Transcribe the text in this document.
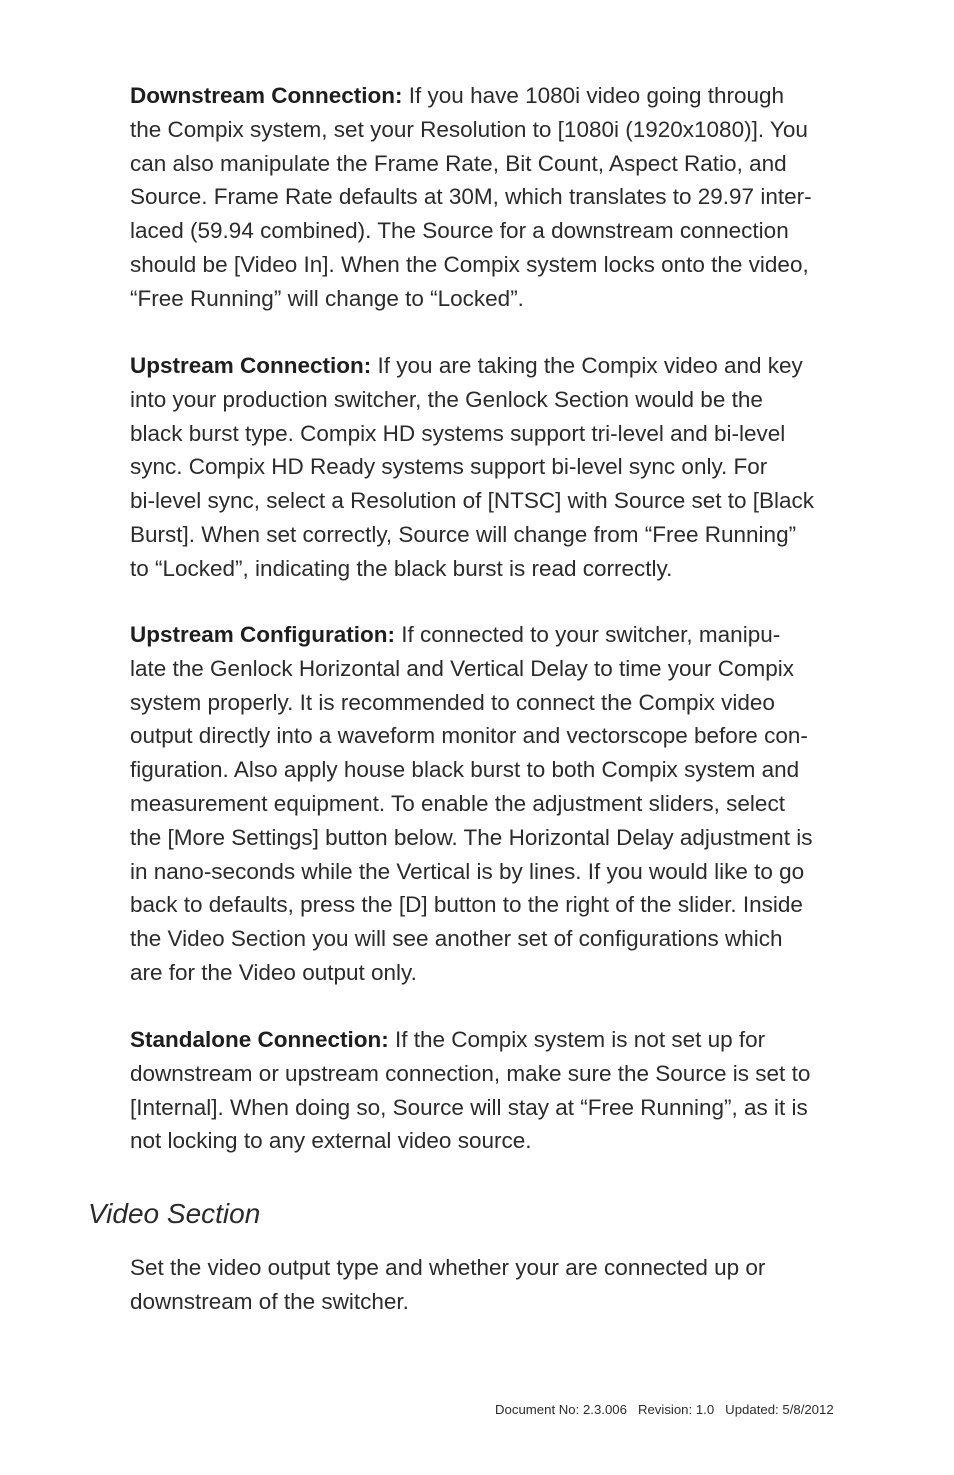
Downstream Connection: If you have 1080i video going through
the Compix system, set your Resolution to [1080i (1920x1080)]. You
can also manipulate the Frame Rate, Bit Count, Aspect Ratio, and
Source. Frame Rate defaults at 30M, which translates to 29.97 inter-
laced (59.94 combined). The Source for a downstream connection
should be [Video In]. When the Compix system locks onto the video,
“Free Running” will change to “Locked”.
Upstream Connection: If you are taking the Compix video and key
into your production switcher, the Genlock Section would be the
black burst type. Compix HD systems support tri-level and bi-level
sync. Compix HD Ready systems support bi-level sync only. For
bi-level sync, select a Resolution of [NTSC] with Source set to [Black
Burst]. When set correctly, Source will change from “Free Running”
to “Locked”, indicating the black burst is read correctly.
Upstream Configuration: If connected to your switcher, manipu-
late the Genlock Horizontal and Vertical Delay to time your Compix
system properly. It is recommended to connect the Compix video
output directly into a waveform monitor and vectorscope before con-
figuration. Also apply house black burst to both Compix system and
measurement equipment. To enable the adjustment sliders, select
the [More Settings] button below. The Horizontal Delay adjustment is
in nano-seconds while the Vertical is by lines. If you would like to go
back to defaults, press the [D] button to the right of the slider. Inside
the Video Section you will see another set of configurations which
are for the Video output only.
Standalone Connection: If the Compix system is not set up for
downstream or upstream connection, make sure the Source is set to
[Internal]. When doing so, Source will stay at “Free Running”, as it is
not locking to any external video source.
Video Section
Set the video output type and whether your are connected up or
downstream of the switcher.
Document No: 2.3.006   Revision: 1.0   Updated: 5/8/2012
